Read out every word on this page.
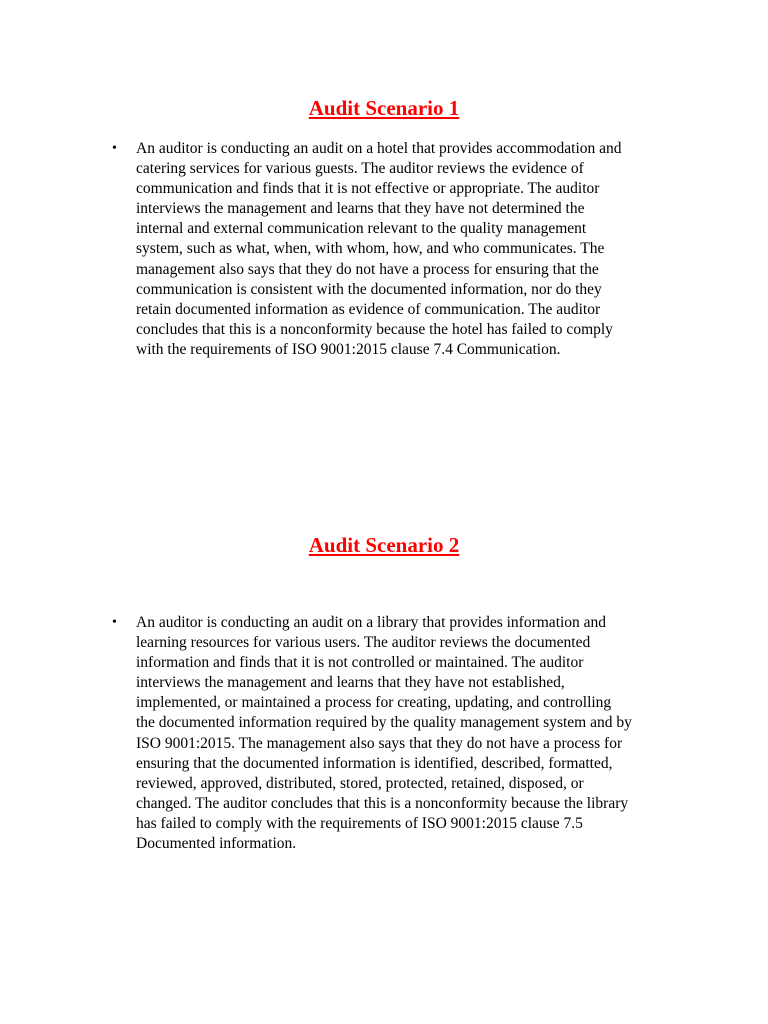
Audit Scenario 1
• An auditor is conducting an audit on a hotel that provides accommodation and
catering services for various guests. The auditor reviews the evidence of
communication and finds that it is not effective or appropriate. The auditor
interviews the management and learns that they have not determined the
internal and external communication relevant to the quality management
system, such as what, when, with whom, how, and who communicates. The
management also says that they do not have a process for ensuring that the
communication is consistent with the documented information, nor do they
retain documented information as evidence of communication. The auditor
concludes that this is a nonconformity because the hotel has failed to comply
with the requirements of ISO 9001:2015 clause 7.4 Communication.
Audit Scenario 2
• An auditor is conducting an audit on a library that provides information and
learning resources for various users. The auditor reviews the documented
information and finds that it is not controlled or maintained. The auditor
interviews the management and learns that they have not established,
implemented, or maintained a process for creating, updating, and controlling
the documented information required by the quality management system and by
ISO 9001:2015. The management also says that they do not have a process for
ensuring that the documented information is identified, described, formatted,
reviewed, approved, distributed, stored, protected, retained, disposed, or
changed. The auditor concludes that this is a nonconformity because the library
has failed to comply with the requirements of ISO 9001:2015 clause 7.5
Documented information.
